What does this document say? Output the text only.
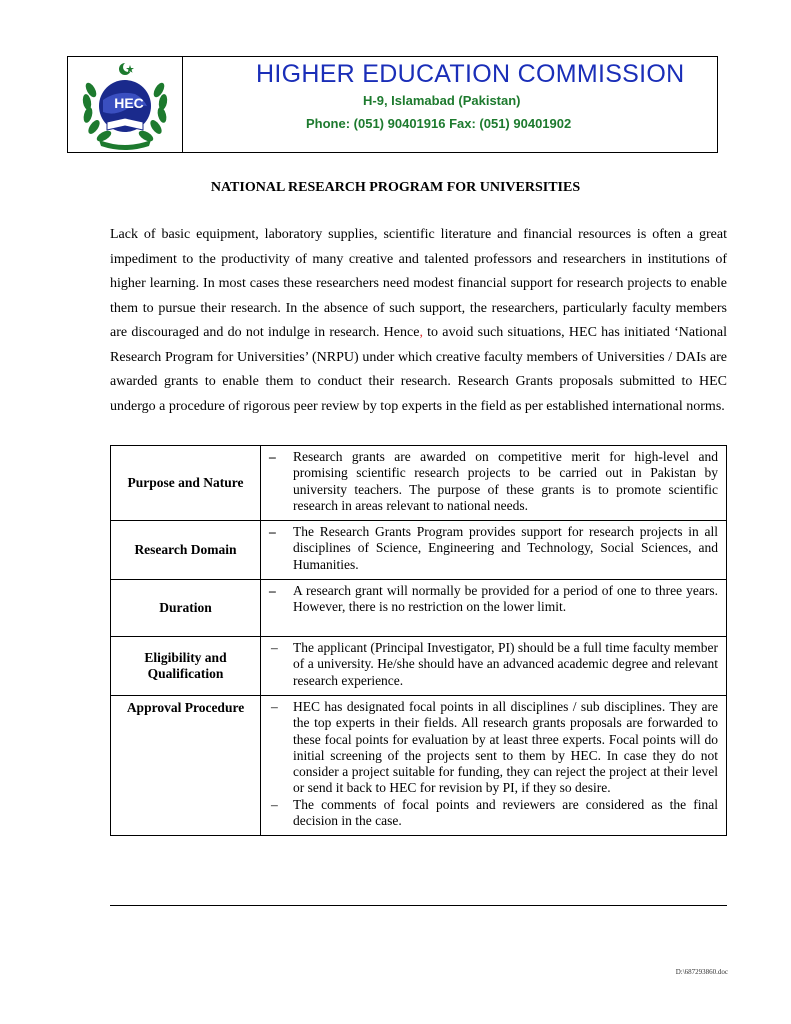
HEC
HIGHER EDUCATION COMMISSION
H-9, Islamabad (Pakistan)
Phone: (051) 90401916 Fax: (051) 90401902
NATIONAL RESEARCH PROGRAM FOR UNIVERSITIES

Lack of basic equipment, laboratory supplies, scientific literature and financial resources is often a great impediment to the productivity of many creative and talented professors and researchers in institutions of higher learning. In most cases these researchers need modest financial support for research projects to enable them to pursue their research. In the absence of such support, the researchers, particularly faculty members are discouraged and do not indulge in research. Hence, to avoid such situations, HEC has initiated ‘National Research Program for Universities’ (NRPU) under which creative faculty members of Universities / DAIs are awarded grants to enable them to conduct their research. Research Grants proposals submitted to HEC undergo a procedure of rigorous peer review by top experts in the field as per established international norms.

Purpose and Nature	– Research grants are awarded on competitive merit for high-level and promising scientific research projects to be carried out in Pakistan by university teachers. The purpose of these grants is to promote scientific research in areas relevant to national needs.

Research Domain	– The Research Grants Program provides support for research projects in all disciplines of Science, Engineering and Technology, Social Sciences, and Humanities.

Duration	– A research grant will normally be provided for a period of one to three years. However, there is no restriction on the lower limit.

Eligibility and Qualification	– The applicant (Principal Investigator, PI) should be a full time faculty member of a university. He/she should have an advanced academic degree and relevant research experience.

Approval Procedure	– HEC has designated focal points in all disciplines / sub disciplines. They are the top experts in their fields. All research grants proposals are forwarded to these focal points for evaluation by at least three experts. Focal points will do initial screening of the projects sent to them by HEC. In case they do not consider a project suitable for funding, they can reject the project at their level or send it back to HEC for revision by PI, if they so desire.
– The comments of focal points and reviewers are considered as the final decision in the case.
D:\687293860.doc
